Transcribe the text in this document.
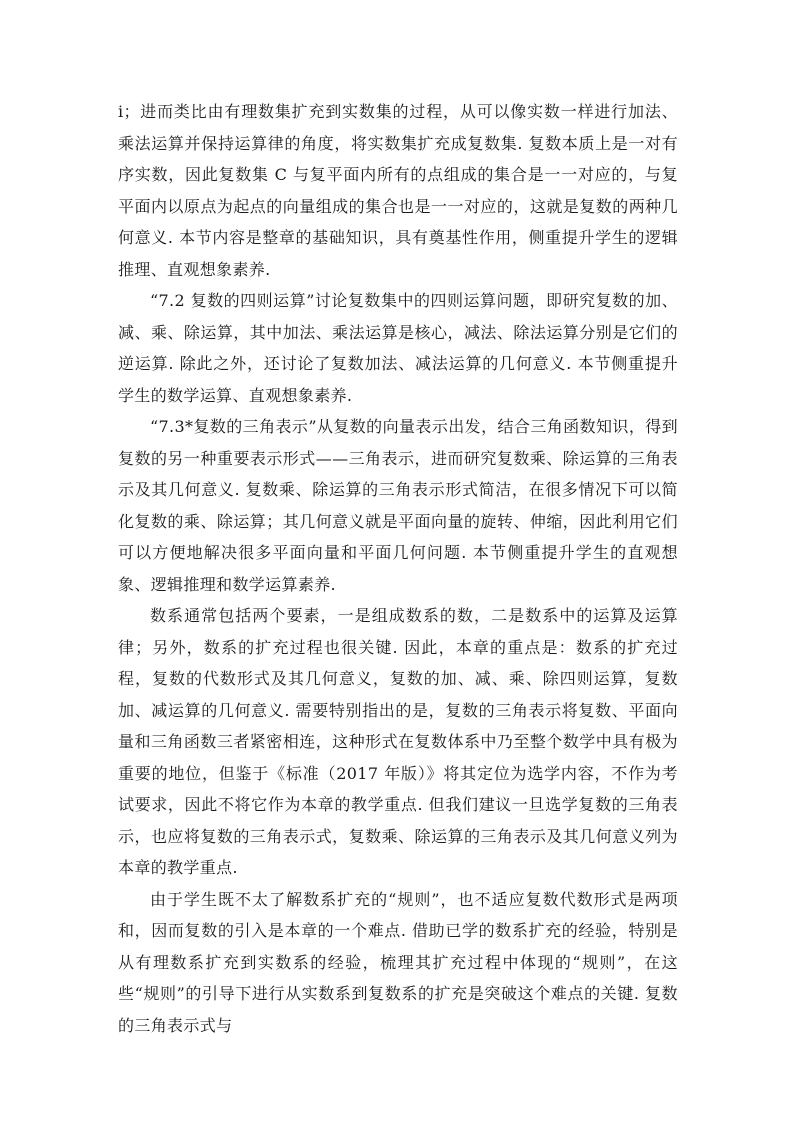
i；进而类比由有理数集扩充到实数集的过程，从可以像实数一样进行加法、乘法运算并保持运算律的角度，将实数集扩充成复数集. 复数本质上是一对有序实数，因此复数集 C 与复平面内所有的点组成的集合是一一对应的，与复平面内以原点为起点的向量组成的集合也是一一对应的，这就是复数的两种几何意义. 本节内容是整章的基础知识，具有奠基性作用，侧重提升学生的逻辑推理、直观想象素养.

“7.2 复数的四则运算”讨论复数集中的四则运算问题，即研究复数的加、减、乘、除运算，其中加法、乘法运算是核心，减法、除法运算分别是它们的逆运算. 除此之外，还讨论了复数加法、减法运算的几何意义. 本节侧重提升学生的数学运算、直观想象素养.

“7.3*复数的三角表示”从复数的向量表示出发，结合三角函数知识，得到复数的另一种重要表示形式——三角表示，进而研究复数乘、除运算的三角表示及其几何意义. 复数乘、除运算的三角表示形式简洁，在很多情况下可以简化复数的乘、除运算；其几何意义就是平面向量的旋转、伸缩，因此利用它们可以方便地解决很多平面向量和平面几何问题. 本节侧重提升学生的直观想象、逻辑推理和数学运算素养.

数系通常包括两个要素，一是组成数系的数，二是数系中的运算及运算律；另外，数系的扩充过程也很关键. 因此，本章的重点是：数系的扩充过程，复数的代数形式及其几何意义，复数的加、减、乘、除四则运算，复数加、减运算的几何意义. 需要特别指出的是，复数的三角表示将复数、平面向量和三角函数三者紧密相连，这种形式在复数体系中乃至整个数学中具有极为重要的地位，但鉴于《标准（2017 年版）》将其定位为选学内容，不作为考试要求，因此不将它作为本章的教学重点. 但我们建议一旦选学复数的三角表示，也应将复数的三角表示式，复数乘、除运算的三角表示及其几何意义列为本章的教学重点.

由于学生既不太了解数系扩充的“规则”，也不适应复数代数形式是两项和，因而复数的引入是本章的一个难点. 借助已学的数系扩充的经验，特别是从有理数系扩充到实数系的经验，梳理其扩充过程中体现的“规则”，在这些“规则”的引导下进行从实数系到复数系的扩充是突破这个难点的关键. 复数的三角表示式与
